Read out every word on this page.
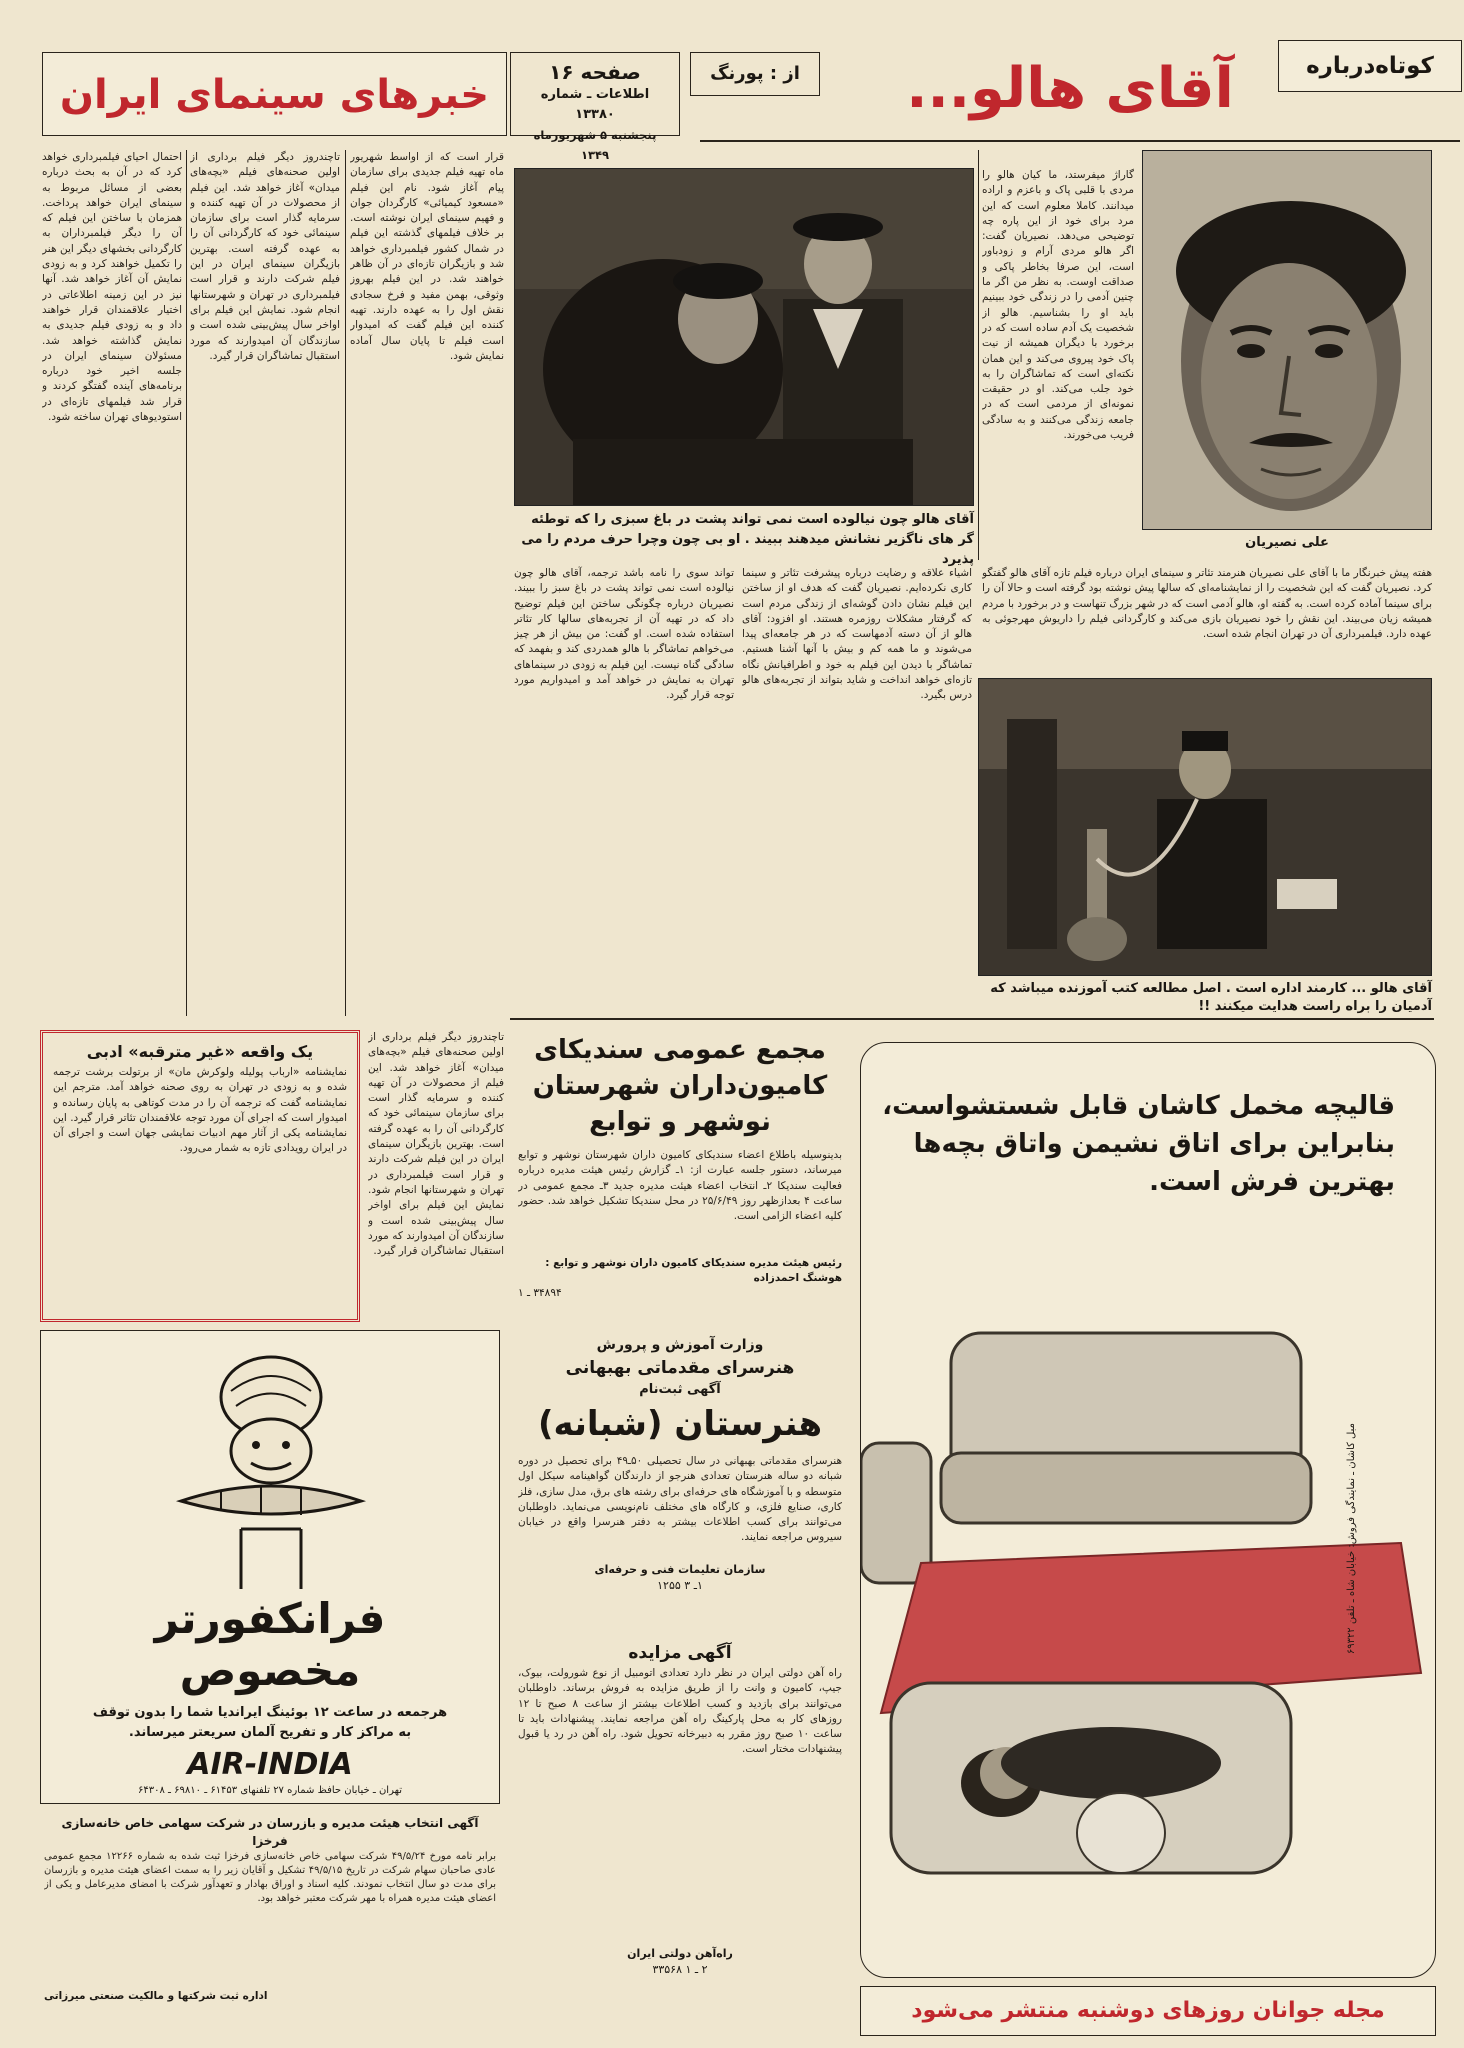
خبرهای سینمای ایران	صفحه ۱۶
اطلاعات ـ شماره ۱۳۳۸۰
پنجشنبه ۵ شهریورماه ۱۳۴۹
از : پورنگ	آقای هالو...	کوتاه‌درباره
علی نصیریان
آقای هالو چون نیالوده است نمی تواند پشت در باغ سبزی را که توطئه گر های ناگزیر نشانش میدهند ببیند . او بی چون وچرا حرف مردم را می پذیرد
گاراژ میفرستد، ما کیان هالو را مردی با قلبی پاک و باعزم و اراده میدانند. کاملا معلوم است که این مرد برای خود از این پاره چه توضیحی می‌دهد. نصیریان گفت: اگر هالو مردی آرام و زودباور است، این صرفا بخاطر پاکی و صداقت اوست. به نظر من اگر ما چنین آدمی را در زندگی خود ببینیم باید او را بشناسیم. هالو از شخصیت یک آدم ساده است که در برخورد با دیگران همیشه از نیت پاک خود پیروی می‌کند و این همان نکته‌ای است که تماشاگران را به خود جلب می‌کند. او در حقیقت نمونه‌ای از مردمی است که در جامعه زندگی می‌کنند و به سادگی فریب می‌خورند.
هفته پیش خبرنگار ما با آقای علی نصیریان هنرمند تئاتر و سینمای ایران درباره فیلم تازه آقای هالو گفتگو کرد. نصیریان گفت که این شخصیت را از نمایشنامه‌ای که سالها پیش نوشته بود گرفته است و حالا آن را برای سینما آماده کرده است. به گفته او، هالو آدمی است که در شهر بزرگ تنهاست و در برخورد با مردم همیشه زیان می‌بیند. این نقش را خود نصیریان بازی می‌کند و کارگردانی فیلم را داریوش مهرجوئی به عهده دارد. فیلمبرداری آن در تهران انجام شده است.
آقای هالو ... کارمند اداره است . اصل مطالعه کتب آموزنده میباشد که آدمیان را براه راست هدایت میکنند !!
اشیاء علاقه و رضایت درباره پیشرفت تئاتر و سینما کاری نکرده‌ایم. نصیریان گفت که هدف او از ساختن این فیلم نشان دادن گوشه‌ای از زندگی مردم است که گرفتار مشکلات روزمره هستند. او افزود: آقای هالو از آن دسته آدمهاست که در هر جامعه‌ای پیدا می‌شوند و ما همه کم و بیش با آنها آشنا هستیم. تماشاگر با دیدن این فیلم به خود و اطرافیانش نگاه تازه‌ای خواهد انداخت و شاید بتواند از تجربه‌های هالو درس بگیرد.
تواند سوی را نامه باشد ترجمه، آقای هالو چون نیالوده است نمی تواند پشت در باغ سبز را ببیند. نصیریان درباره چگونگی ساختن این فیلم توضیح داد که در تهیه آن از تجربه‌های سالها کار تئاتر استفاده شده است. او گفت: من بیش از هر چیز می‌خواهم تماشاگر با هالو همدردی کند و بفهمد که سادگی گناه نیست. این فیلم به زودی در سینماهای تهران به نمایش در خواهد آمد و امیدواریم مورد توجه قرار گیرد.
قرار است که از اواسط شهریور ماه تهیه فیلم جدیدی برای سازمان پیام آغاز شود. نام این فیلم «مسعود کیمیائی» کارگردان جوان و فهیم سینمای ایران نوشته است. بر خلاف فیلمهای گذشته این فیلم در شمال کشور فیلمبرداری خواهد شد و بازیگران تازه‌ای در آن ظاهر خواهند شد. در این فیلم بهروز وثوقی، بهمن مفید و فرخ سجادی نقش اول را به عهده دارند. تهیه کننده این فیلم گفت که امیدوار است فیلم تا پایان سال آماده نمایش شود.
تاچندروز دیگر فیلم برداری از اولین صحنه‌های فیلم «بچه‌های میدان» آغاز خواهد شد. این فیلم از محصولات در آن تهیه کننده و سرمایه گذار است برای سازمان سینمائی خود که کارگردانی آن را به عهده گرفته است. بهترین بازیگران سینمای ایران در این فیلم شرکت دارند و قرار است فیلمبرداری در تهران و شهرستانها انجام شود. نمایش این فیلم برای اواخر سال پیش‌بینی شده است و سازندگان آن امیدوارند که مورد استقبال تماشاگران قرار گیرد.
احتمال احیای فیلمبرداری خواهد کرد که در آن به بحث درباره بعضی از مسائل مربوط به سینمای ایران خواهد پرداخت. همزمان با ساختن این فیلم که آن را دیگر فیلمبرداران به کارگردانی بخشهای دیگر این هنر را تکمیل خواهند کرد و به زودی نمایش آن آغاز خواهد شد. آنها نیز در این زمینه اطلاعاتی در اختیار علاقمندان قرار خواهند داد و به زودی فیلم جدیدی به نمایش گذاشته خواهد شد. مسئولان سینمای ایران در جلسه اخیر خود درباره برنامه‌های آینده گفتگو کردند و قرار شد فیلمهای تازه‌ای در استودیوهای تهران ساخته شود.
یک واقعه «غیر مترقبه» ادبی
نمایشنامه «ارباب پولیله ولوکرش مان» از برتولت برشت ترجمه شده و به زودی در تهران به روی صحنه خواهد آمد. مترجم این نمایشنامه گفت که ترجمه آن را در مدت کوتاهی به پایان رسانده و امیدوار است که اجرای آن مورد توجه علاقمندان تئاتر قرار گیرد. این نمایشنامه یکی از آثار مهم ادبیات نمایشی جهان است و اجرای آن در ایران رویدادی تازه به شمار می‌رود.
تاچندروز دیگر فیلم برداری از اولین صحنه‌های فیلم «بچه‌های میدان» آغاز خواهد شد. این فیلم از محصولات در آن تهیه کننده و سرمایه گذار است برای سازمان سینمائی خود که کارگردانی آن را به عهده گرفته است. بهترین بازیگران سینمای ایران در این فیلم شرکت دارند و قرار است فیلمبرداری در تهران و شهرستانها انجام شود. نمایش این فیلم برای اواخر سال پیش‌بینی شده است و سازندگان آن امیدوارند که مورد استقبال تماشاگران قرار گیرد.
مجمع عمومی سندیکای
کامیون‌داران شهرستان
نوشهر و توابع
بدینوسیله باطلاع اعضاء سندیکای کامیون داران شهرستان نوشهر و توابع میرساند، دستور جلسه عبارت از: ۱ـ گزارش رئیس هیئت مدیره درباره فعالیت سندیکا ۲ـ انتخاب اعضاء هیئت مدیره جدید ۳ـ مجمع عمومی در ساعت ۴ بعدازظهر روز ۲۵/۶/۴۹ در محل سندیکا تشکیل خواهد شد. حضور کلیه اعضاء الزامی است.
رئیس هیئت مدیره سندیکای کامیون داران نوشهر و توابع : هوشنگ احمدزاده
۳۴۸۹۴ ـ ۱
قالیچه مخمل کاشان قابل شستشواست،
بنابراین برای اتاق نشیمن واتاق بچه‌ها
بهترین فرش است.
مبل کاشان ـ نمایندگی فروش: خیابان شاه ـ تلفن ۶۹۳۲۲
وزارت آموزش و پرورش
هنرسرای مقدماتی بهبهانی
آگهی ثبت‌نام
هنرستان (شبانه)
هنرسرای مقدماتی بهبهانی در سال تحصیلی ۵۰ـ۴۹ برای تحصیل در دوره شبانه دو ساله هنرستان تعدادی هنرجو از دارندگان گواهینامه سیکل اول متوسطه و با آموزشگاه های حرفه‌ای برای رشته های برق، مدل سازی، فلز کاری، صنایع فلزی، و کارگاه های مختلف نام‌نویسی می‌نماید. داوطلبان می‌توانند برای کسب اطلاعات بیشتر به دفتر هنرسرا واقع در خیابان سیروس مراجعه نمایند.
سازمان تعلیمات فنی و حرفه‌ای
۱ـ ۳ ۱۲۵۵
آگهی مزایده
راه آهن دولتی ایران در نظر دارد تعدادی اتومبیل از نوع شورولت، بیوک، جیپ، کامیون و وانت را از طریق مزایده به فروش برساند. داوطلبان می‌توانند برای بازدید و کسب اطلاعات بیشتر از ساعت ۸ صبح تا ۱۲ روزهای کار به محل پارکینگ راه آهن مراجعه نمایند. پیشنهادات باید تا ساعت ۱۰ صبح روز مقرر به دبیرخانه تحویل شود. راه آهن در رد یا قبول پیشنهادات مختار است.
راه‌آهن دولتی ایران
۲ ـ ۱ ۳۳۵۶۸
فرانکفورتر
مخصوص
هرجمعه در ساعت ۱۲ بوئینگ ایراندیا شما را بدون توقف
به مراکز کار و تفریح آلمان سریعتر میرساند.
AIR-INDIA
تهران ـ خیابان حافظ شماره ۲۷ تلفنهای ۶۱۴۵۳ ـ ۶۹۸۱۰ ـ ۶۴۳۰۸
آگهی انتخاب هیئت مدیره و بازرسان در شرکت سهامی خاص خانه‌سازی فرخزا
برابر نامه مورخ ۴۹/۵/۲۴ شرکت سهامی خاص خانه‌سازی فرخزا ثبت شده به شماره ۱۲۲۶۶ مجمع عمومی عادی صاحبان سهام شرکت در تاریخ ۴۹/۵/۱۵ تشکیل و آقایان زیر را به سمت اعضای هیئت مدیره و بازرسان برای مدت دو سال انتخاب نمودند. کلیه اسناد و اوراق بهادار و تعهدآور شرکت با امضای مدیرعامل و یکی از اعضای هیئت مدیره همراه با مهر شرکت معتبر خواهد بود.
اداره ثبت شرکتها و مالکیت صنعتی میرزاتی
مجله جوانان روزهای دوشنبه منتشر می‌شود
